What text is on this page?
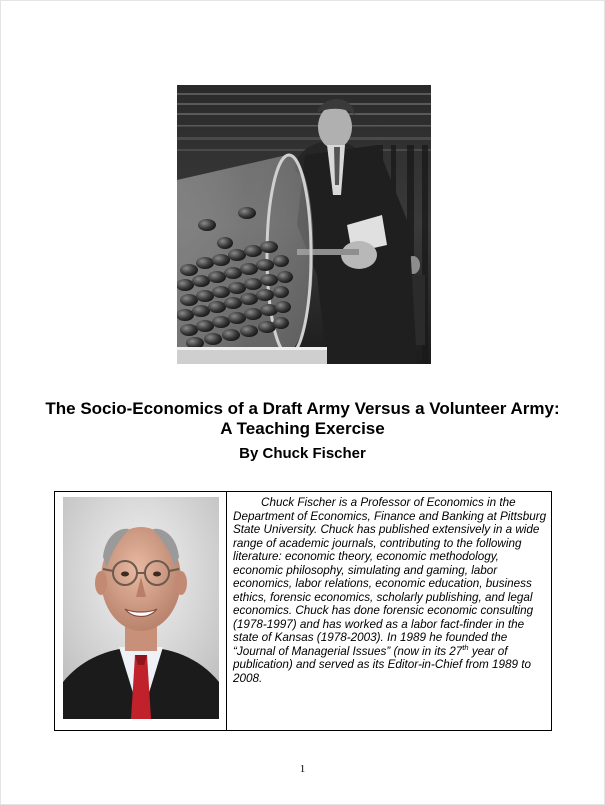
The Socio-Economics of a Draft Army Versus a Volunteer Army: A Teaching Exercise
By Chuck Fischer

Chuck Fischer is a Professor of Economics in the Department of Economics, Finance and Banking at Pittsburg State University. Chuck has published extensively in a wide range of academic journals, contributing to the following literature: economic theory, economic methodology, economic philosophy, simulating and gaming, labor economics, labor relations, economic education, business ethics, forensic economics, scholarly publishing, and legal economics. Chuck has done forensic economic consulting (1978-1997) and has worked as a labor fact-finder in the state of Kansas (1978-2003). In 1989 he founded the “Journal of Managerial Issues” (now in its 27th year of publication) and served as its Editor-in-Chief from 1989 to 2008.

1
